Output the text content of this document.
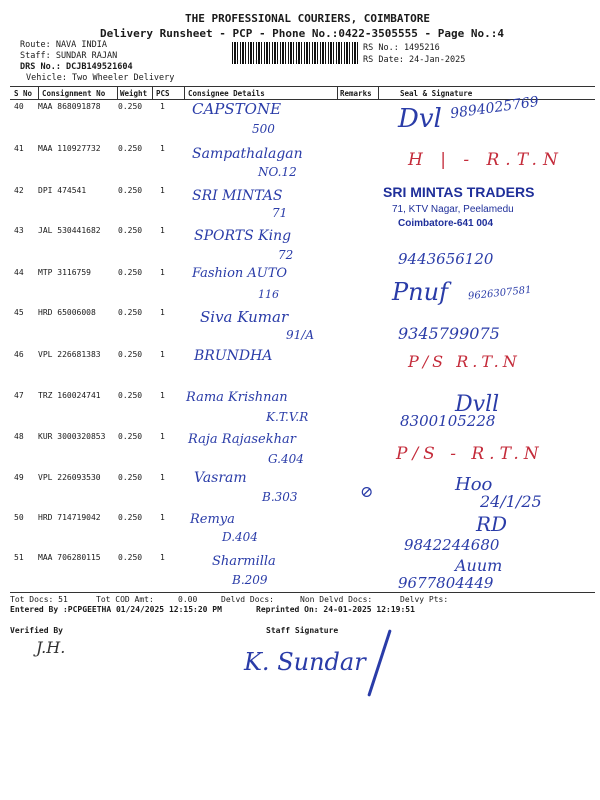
THE PROFESSIONAL COURIERS, COIMBATORE
Delivery Runsheet - PCP - Phone No.:0422-3505555 - Page No.:4
Route: NAVA INDIA
Staff: SUNDAR RAJAN
DRS No.: DCJB149521604
Vehicle: Two Wheeler Delivery
RS No.: 1495216
RS Date: 24-Jan-2025
S No Consignment No Weight PCS Consignee Details	Remarks	Seal & Signature
40 MAA 868091878 0.250 1 CAPSTONE
500	Dvl 9894025769
41 MAA 110927732 0.250 1 Sampathalagan
NO.12
H | - R.T.N
42 DPI 474541	0.250 1 SRI MINTAS
71
SRI MINTAS TRADERS
71, KTV Nagar, Peelamedu
Coimbatore-641 004
43 JAL 530441682 0.250 1 SPORTS King
72	9443656120
44 MTP 3116759	0.250 1 Fashion AUTO
116	Pnuf 9626307581
45 HRD 65006008	0.250 1 Siva Kumar
91/A	9345799075
46 VPL 226681383 0.250 1 BRUNDHA	P/S R.T.N
47 TRZ 160024741 0.250 1 Rama Krishnan
K.T.V.R	Dvll
8300105228
48 KUR 3000320853 0.250 1 Raja Rajasekhar
G.404	P/S - R.T.N
49 VPL 226093530 0.250 1 Vasram
B.303	⊘	Hoo
24/1/25
50 HRD 714719042 0.250 1 Remya
D.404
RD
9842244680
51 MAA 706280115 0.250 1	Sharmilla
B.209
Auum
9677804449
Tot Docs: 51	Tot COD Amt:	0.00	Delvd Docs:	Non Delvd Docs:	Delvy Pts:
Entered By :PCPGEETHA 01/24/2025 12:15:20 PM	Reprinted On: 24-01-2025 12:19:51
Verified By
J.H.
Staff Signature
K. Sundar
